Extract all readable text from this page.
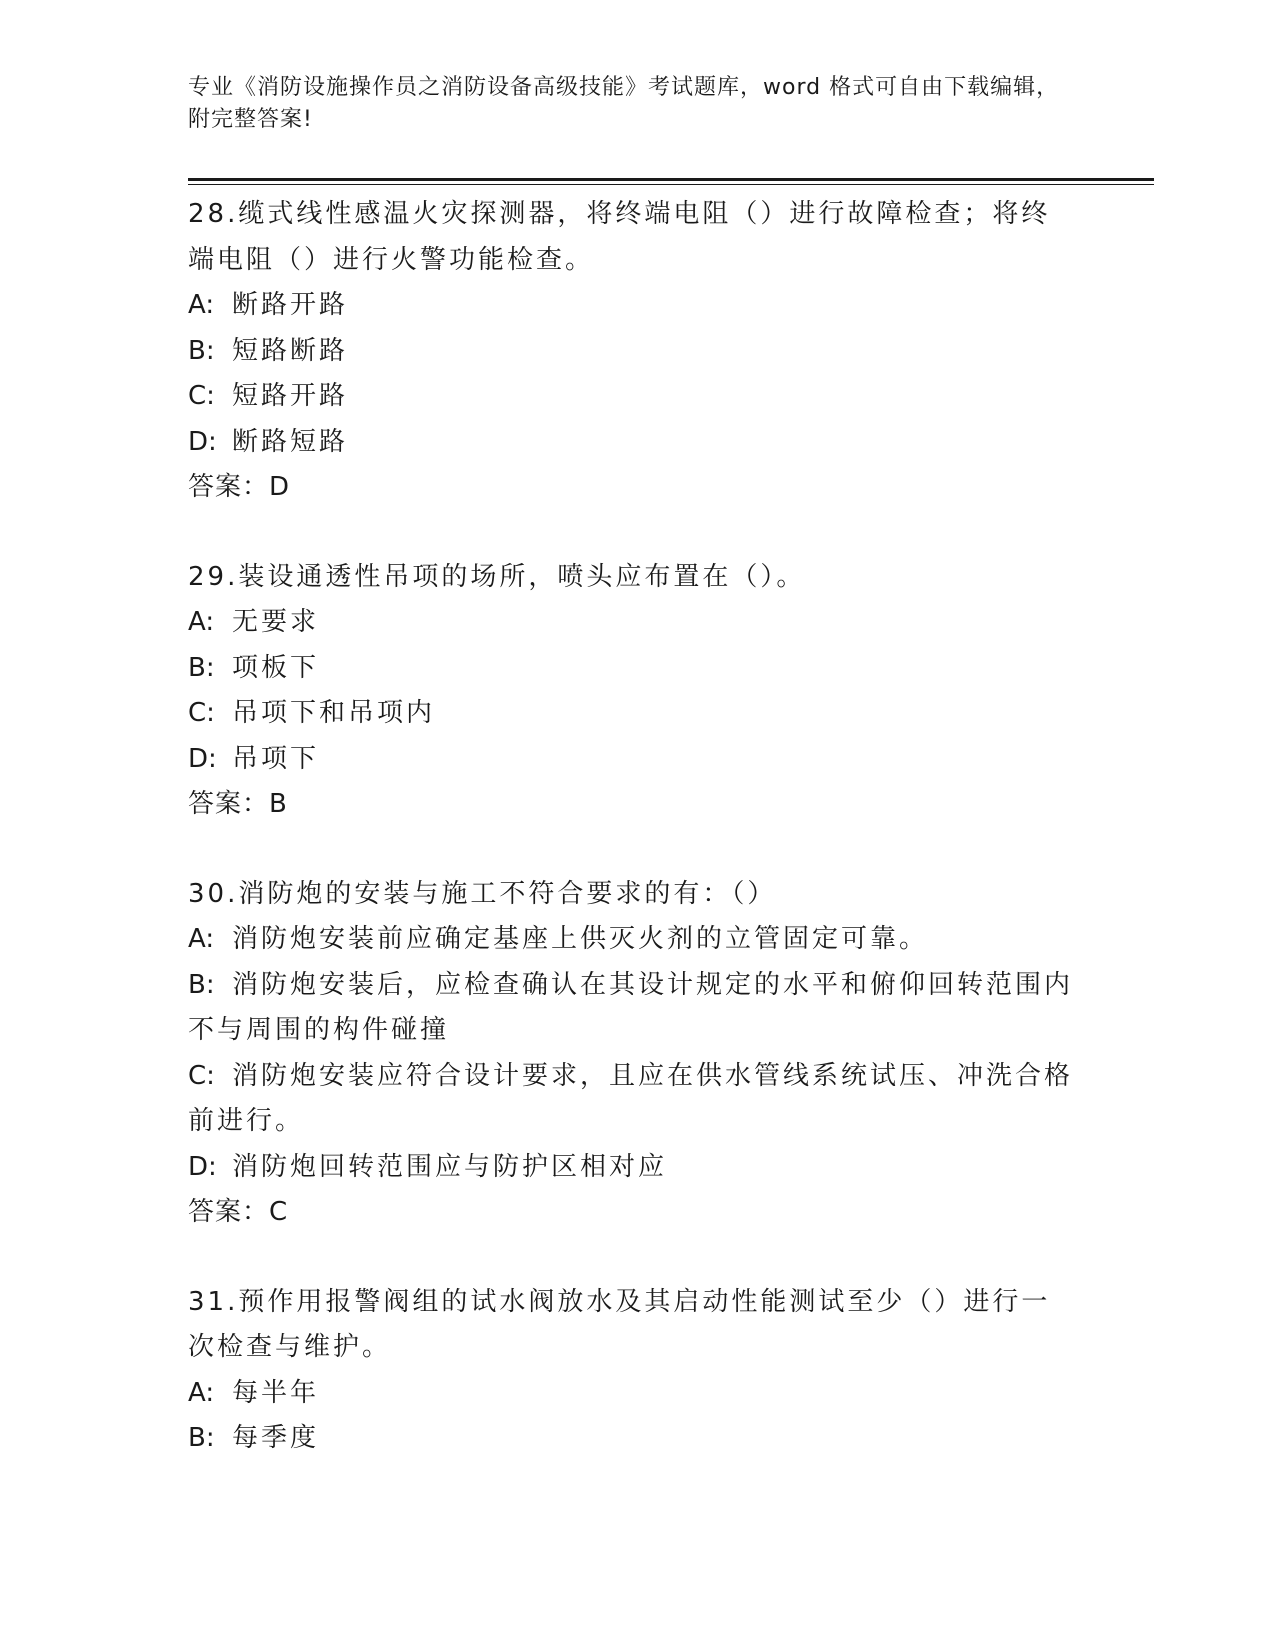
专业《消防设施操作员之消防设备高级技能》考试题库，word 格式可自由下载编辑，附完整答案!
28.缆式线性感温火灾探测器，将终端电阻（）进行故障检查；将终端电阻（）进行火警功能检查。
A: 断路开路
B: 短路断路
C: 短路开路
D: 断路短路
答案：D
29.装设通透性吊项的场所，喷头应布置在（）。
A: 无要求
B: 项板下
C: 吊项下和吊项内
D: 吊项下
答案：B
30.消防炮的安装与施工不符合要求的有：（）
A: 消防炮安装前应确定基座上供灭火剂的立管固定可靠。
B: 消防炮安装后，应检查确认在其设计规定的水平和俯仰回转范围内不与周围的构件碰撞
C: 消防炮安装应符合设计要求，且应在供水管线系统试压、冲洗合格前进行。
D: 消防炮回转范围应与防护区相对应
答案：C
31.预作用报警阀组的试水阀放水及其启动性能测试至少（）进行一次检查与维护。
A: 每半年
B: 每季度
